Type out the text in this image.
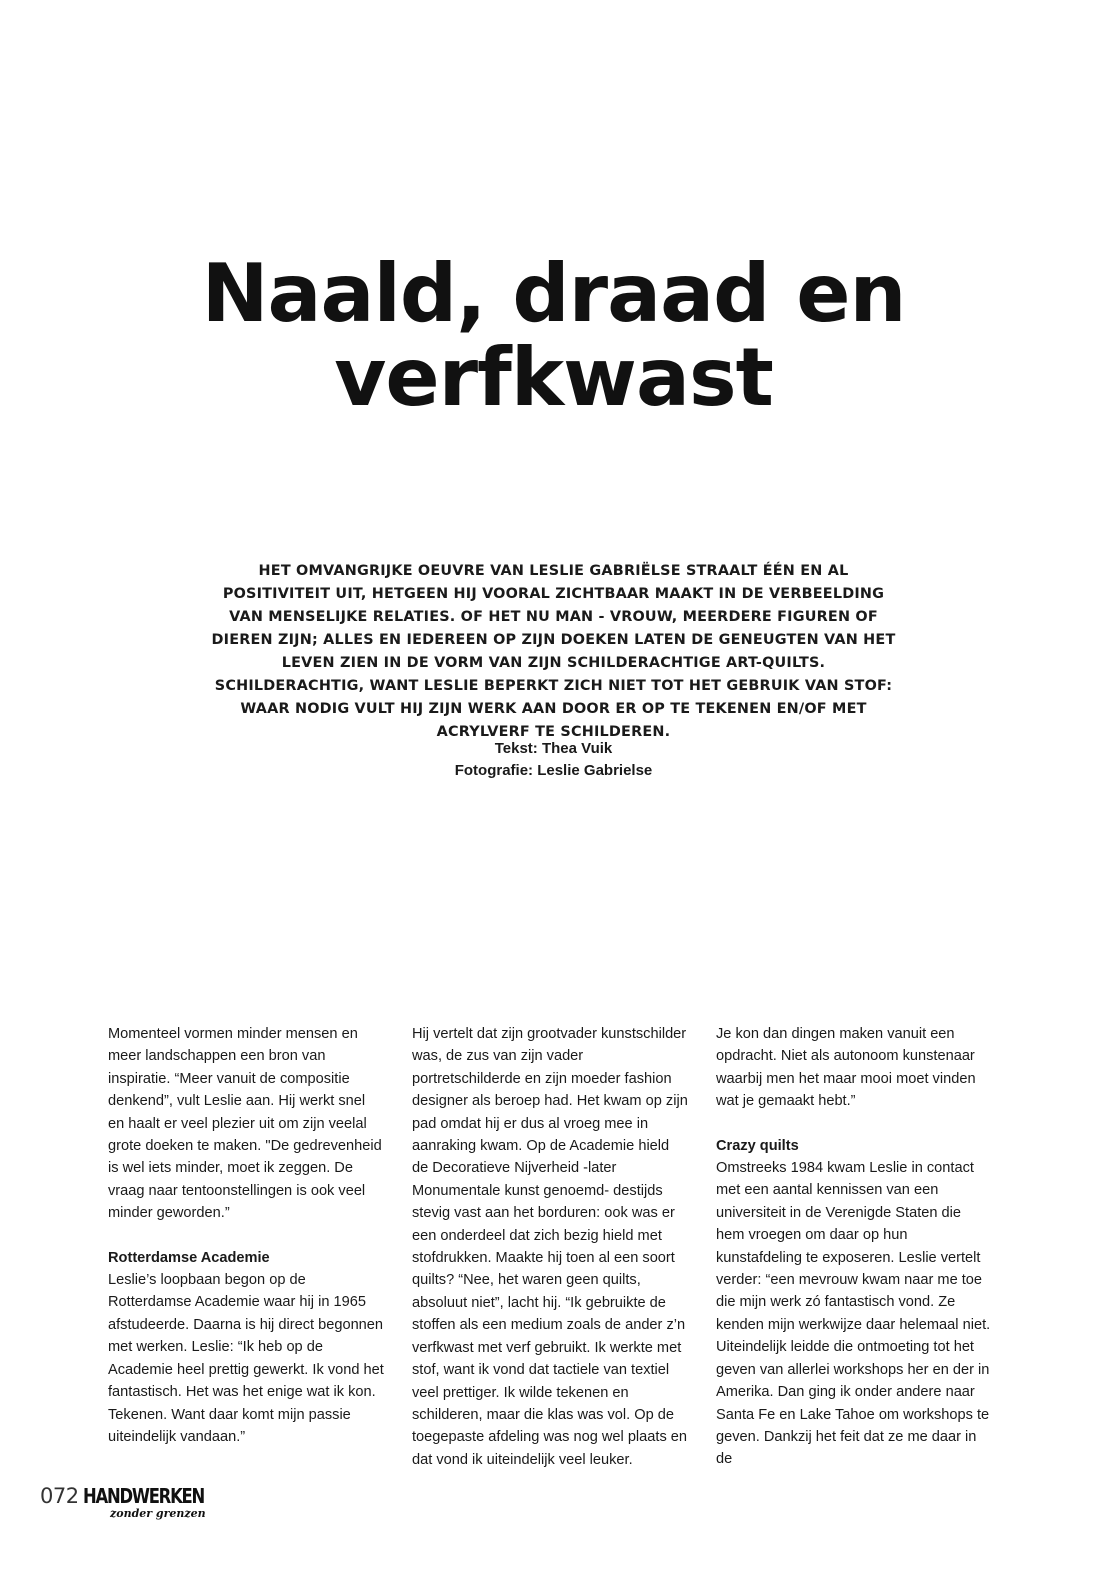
Naald, draad en
verfkwast

HET OMVANGRIJKE OEUVRE VAN LESLIE GABRIËLSE STRAALT ÉÉN EN AL POSITIVITEIT UIT, HETGEEN HIJ VOORAL ZICHTBAAR MAAKT IN DE VERBEELDING VAN MENSELIJKE RELATIES. OF HET NU MAN - VROUW, MEERDERE FIGUREN OF DIEREN ZIJN; ALLES EN IEDEREEN OP ZIJN DOEKEN LATEN DE GENEUGTEN VAN HET LEVEN ZIEN IN DE VORM VAN ZIJN SCHILDERACHTIGE ART-QUILTS. SCHILDERACHTIG, WANT LESLIE BEPERKT ZICH NIET TOT HET GEBRUIK VAN STOF: WAAR NODIG VULT HIJ ZIJN WERK AAN DOOR ER OP TE TEKENEN EN/OF MET ACRYLVERF TE SCHILDEREN.

Tekst: Thea Vuik
Fotografie: Leslie Gabrielse

Momenteel vormen minder mensen en meer landschappen een bron van inspiratie. “Meer vanuit de compositie denkend”, vult Leslie aan. Hij werkt snel en haalt er veel plezier uit om zijn veelal grote doeken te maken. "De gedrevenheid is wel iets minder, moet ik zeggen. De vraag naar tentoonstellingen is ook veel minder geworden.”

Rotterdamse Academie

Leslie’s loopbaan begon op de Rotterdamse Academie waar hij in 1965 afstudeerde. Daarna is hij direct begonnen met werken. Leslie: “Ik heb op de Academie heel prettig gewerkt. Ik vond het fantastisch. Het was het enige wat ik kon. Tekenen. Want daar komt mijn passie uiteindelijk vandaan.”

Hij vertelt dat zijn grootvader kunstschilder was, de zus van zijn vader portretschilderde en zijn moeder fashion designer als beroep had. Het kwam op zijn pad omdat hij er dus al vroeg mee in aanraking kwam. Op de Academie hield de Decoratieve Nijverheid -later Monumentale kunst genoemd- destijds stevig vast aan het borduren: ook was er een onderdeel dat zich bezig hield met stofdrukken. Maakte hij toen al een soort quilts? “Nee, het waren geen quilts, absoluut niet”, lacht hij. “Ik gebruikte de stoffen als een medium zoals de ander z’n verfkwast met verf gebruikt. Ik werkte met stof, want ik vond dat tactiele van textiel veel prettiger. Ik wilde tekenen en schilderen, maar die klas was vol. Op de toegepaste afdeling was nog wel plaats en dat vond ik uiteindelijk veel leuker.

Je kon dan dingen maken vanuit een opdracht. Niet als autonoom kunstenaar waarbij men het maar mooi moet vinden wat je gemaakt hebt.”

Crazy quilts

Omstreeks 1984 kwam Leslie in contact met een aantal kennissen van een universiteit in de Verenigde Staten die hem vroegen om daar op hun kunstafdeling te exposeren. Leslie vertelt verder: “een mevrouw kwam naar me toe die mijn werk zó fantastisch vond. Ze kenden mijn werkwijze daar helemaal niet. Uiteindelijk leidde die ontmoeting tot het geven van allerlei workshops her en der in Amerika. Dan ging ik onder andere naar Santa Fe en Lake Tahoe om workshops te geven. Dankzij het feit dat ze me daar in de

072 HANDWERKEN
zonder grenzen
